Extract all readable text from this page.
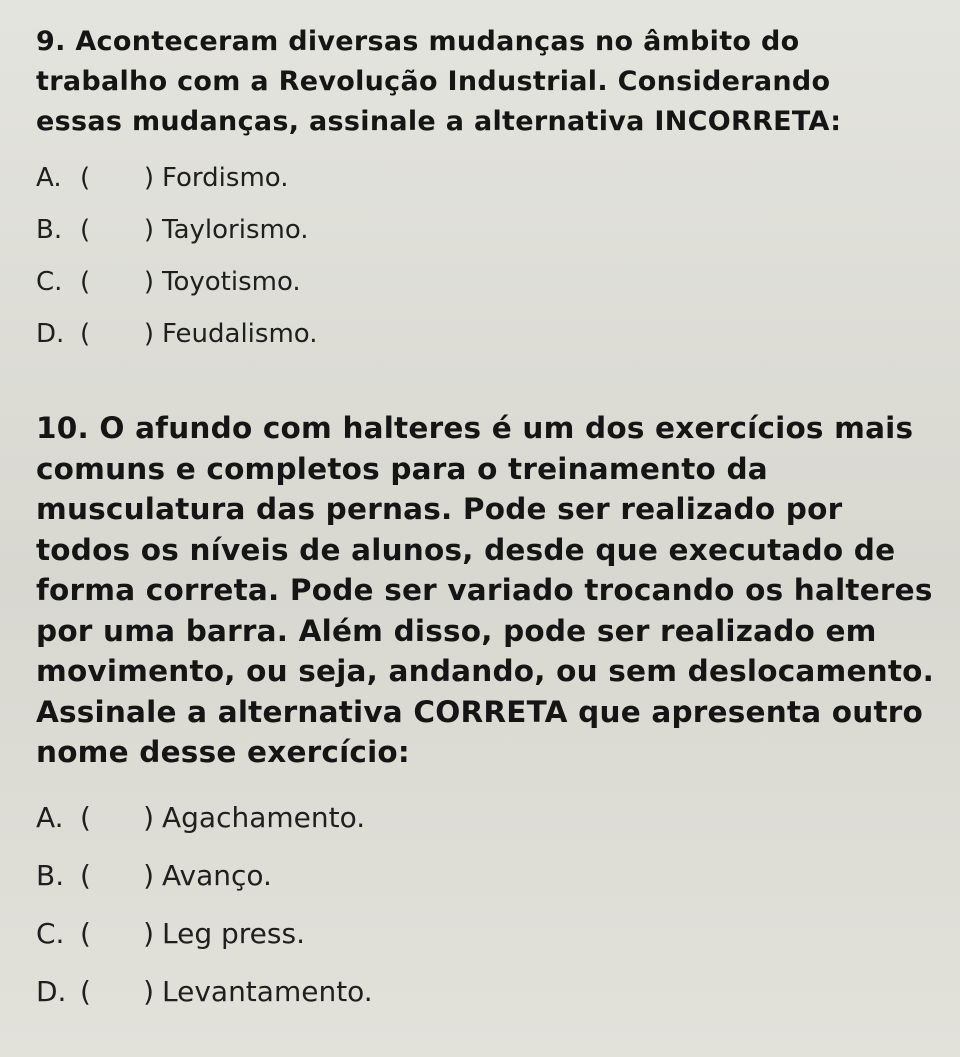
9. Aconteceram diversas mudanças no âmbito do trabalho com a Revolução Industrial. Considerando essas mudanças, assinale a alternativa INCORRETA:

A. ( ) Fordismo.
B. ( ) Taylorismo.
C. ( ) Toyotismo.
D. ( ) Feudalismo.

10. O afundo com halteres é um dos exercícios mais comuns e completos para o treinamento da musculatura das pernas. Pode ser realizado por todos os níveis de alunos, desde que executado de forma correta. Pode ser variado trocando os halteres por uma barra. Além disso, pode ser realizado em movimento, ou seja, andando, ou sem deslocamento. Assinale a alternativa CORRETA que apresenta outro nome desse exercício:

A. ( ) Agachamento.
B. ( ) Avanço.
C. ( ) Leg press.
D. ( ) Levantamento.
